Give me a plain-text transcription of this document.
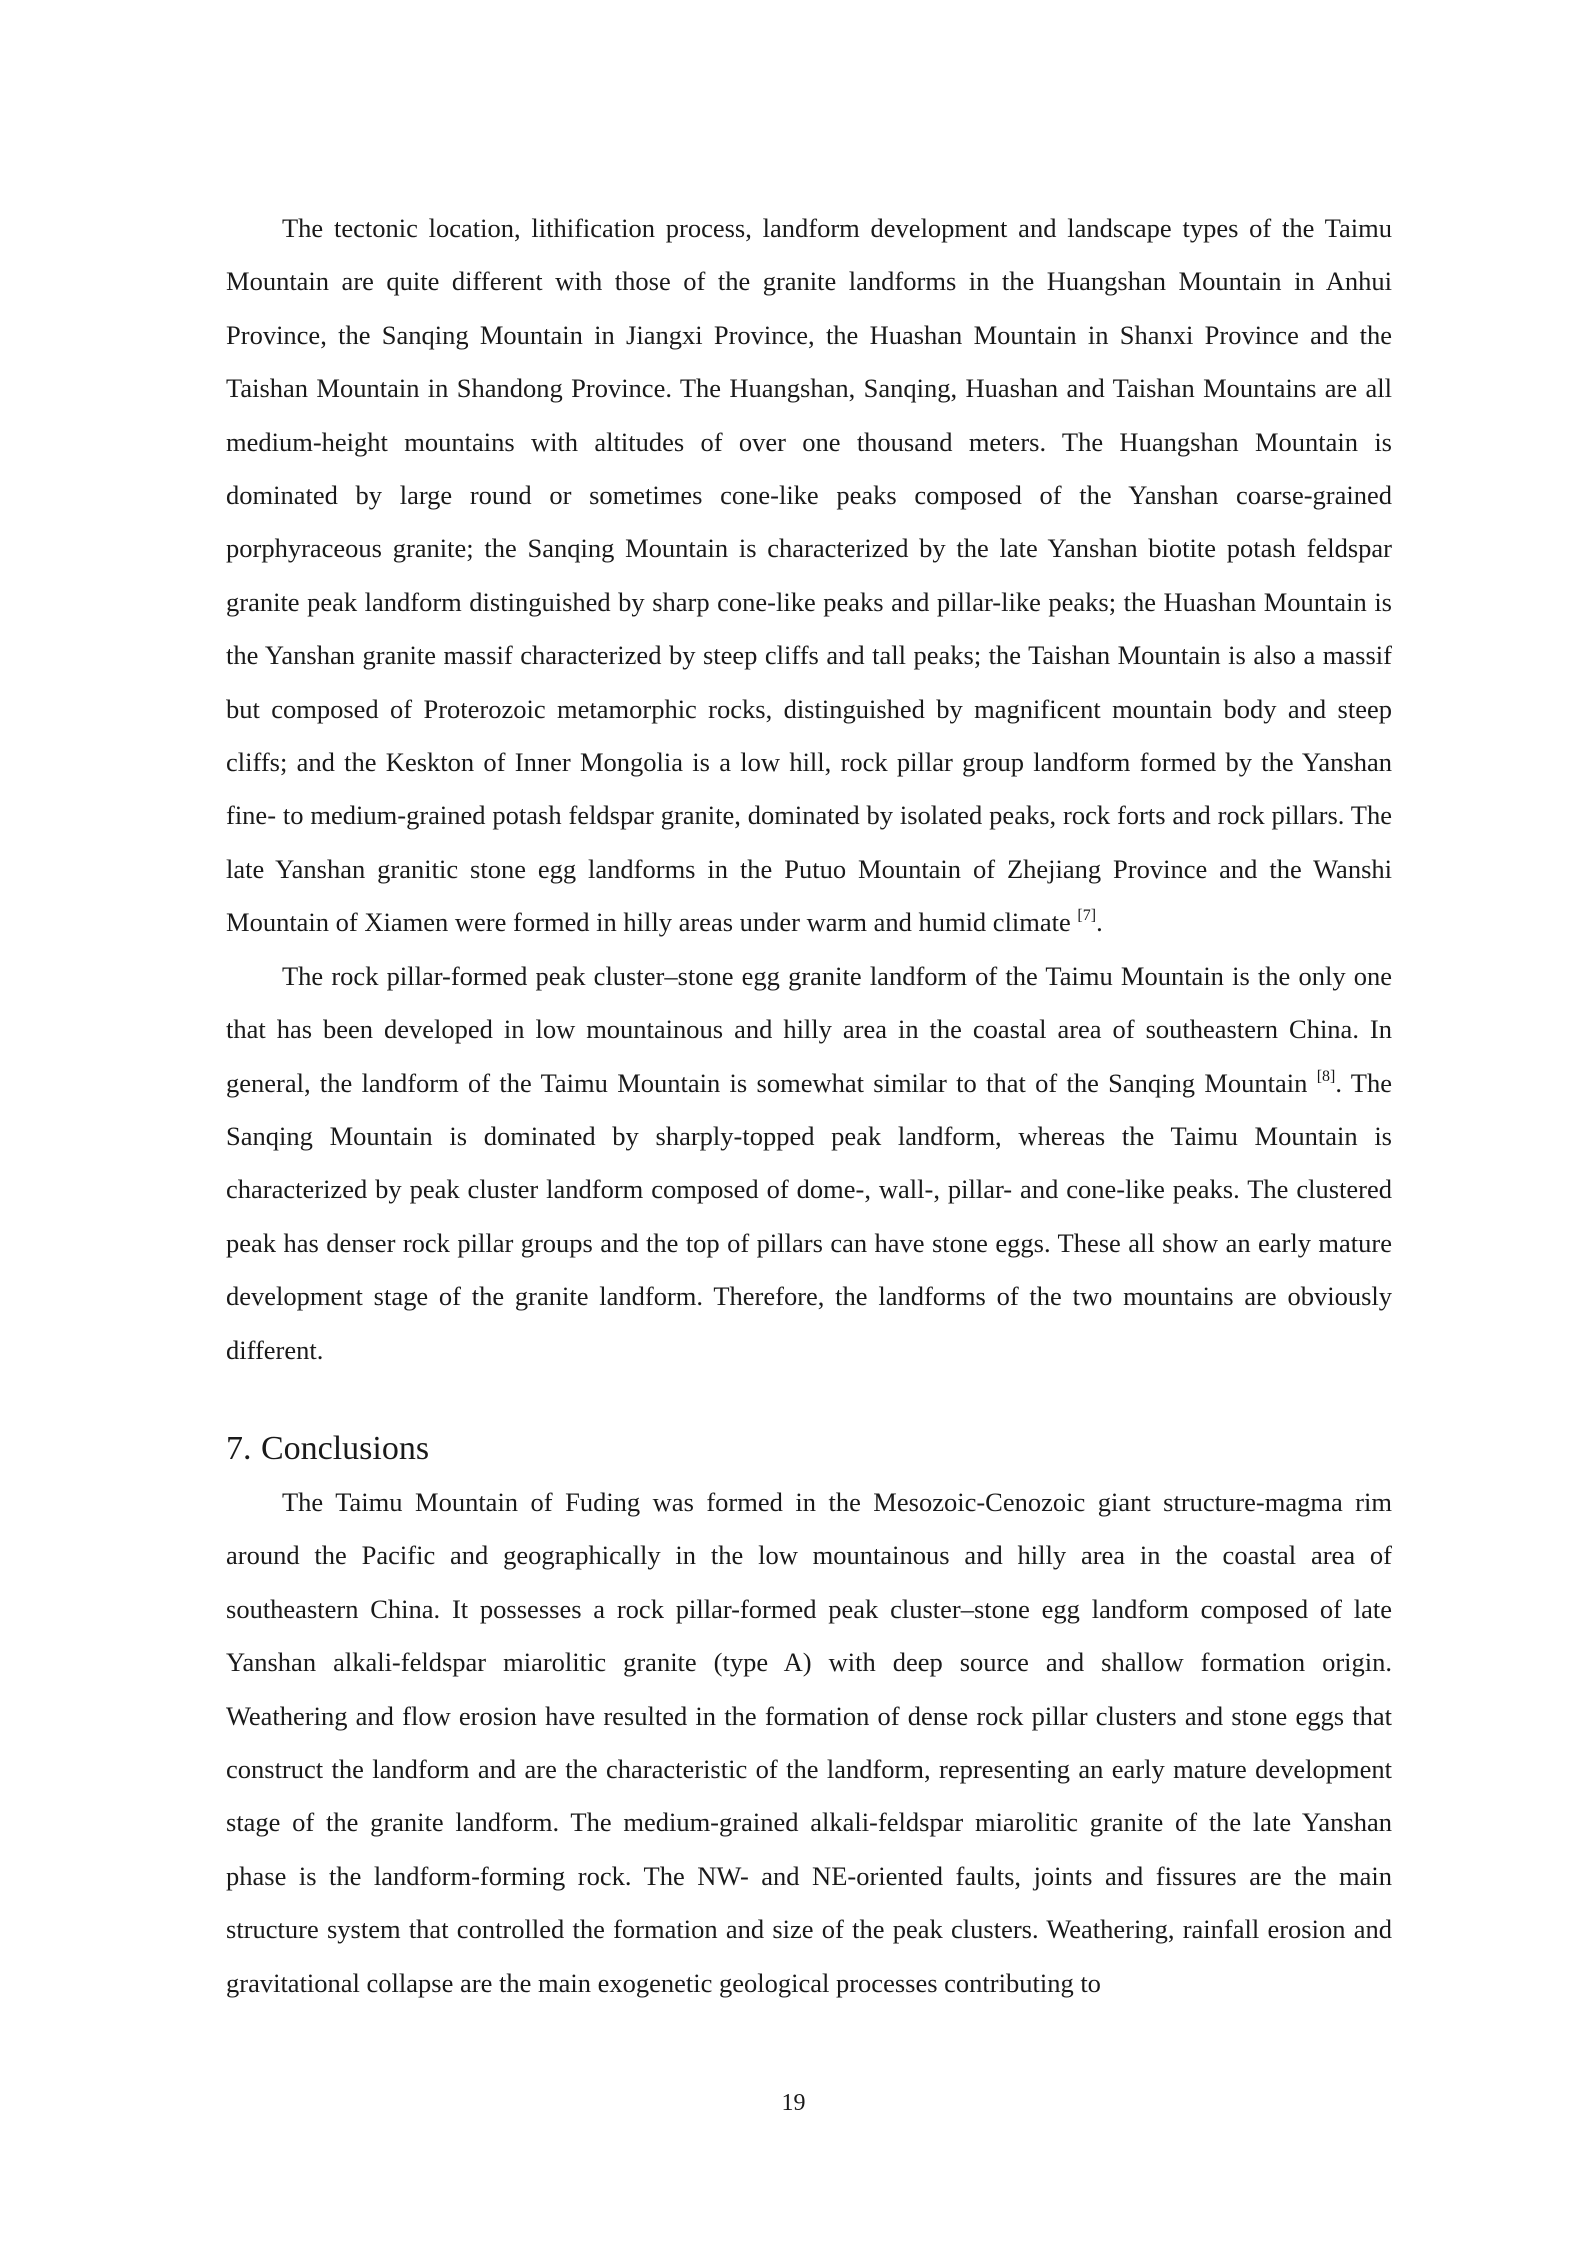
The tectonic location, lithification process, landform development and landscape types of the Taimu Mountain are quite different with those of the granite landforms in the Huangshan Mountain in Anhui Province, the Sanqing Mountain in Jiangxi Province, the Huashan Mountain in Shanxi Province and the Taishan Mountain in Shandong Province. The Huangshan, Sanqing, Huashan and Taishan Mountains are all medium-height mountains with altitudes of over one thousand meters. The Huangshan Mountain is dominated by large round or sometimes cone-like peaks composed of the Yanshan coarse-grained porphyraceous granite; the Sanqing Mountain is characterized by the late Yanshan biotite potash feldspar granite peak landform distinguished by sharp cone-like peaks and pillar-like peaks; the Huashan Mountain is the Yanshan granite massif characterized by steep cliffs and tall peaks; the Taishan Mountain is also a massif but composed of Proterozoic metamorphic rocks, distinguished by magnificent mountain body and steep cliffs; and the Keskton of Inner Mongolia is a low hill, rock pillar group landform formed by the Yanshan fine- to medium-grained potash feldspar granite, dominated by isolated peaks, rock forts and rock pillars. The late Yanshan granitic stone egg landforms in the Putuo Mountain of Zhejiang Province and the Wanshi Mountain of Xiamen were formed in hilly areas under warm and humid climate [7].

The rock pillar-formed peak cluster–stone egg granite landform of the Taimu Mountain is the only one that has been developed in low mountainous and hilly area in the coastal area of southeastern China. In general, the landform of the Taimu Mountain is somewhat similar to that of the Sanqing Mountain [8]. The Sanqing Mountain is dominated by sharply-topped peak landform, whereas the Taimu Mountain is characterized by peak cluster landform composed of dome-, wall-, pillar- and cone-like peaks. The clustered peak has denser rock pillar groups and the top of pillars can have stone eggs. These all show an early mature development stage of the granite landform. Therefore, the landforms of the two mountains are obviously different.

7. Conclusions

The Taimu Mountain of Fuding was formed in the Mesozoic-Cenozoic giant structure-magma rim around the Pacific and geographically in the low mountainous and hilly area in the coastal area of southeastern China. It possesses a rock pillar-formed peak cluster–stone egg landform composed of late Yanshan alkali-feldspar miarolitic granite (type A) with deep source and shallow formation origin. Weathering and flow erosion have resulted in the formation of dense rock pillar clusters and stone eggs that construct the landform and are the characteristic of the landform, representing an early mature development stage of the granite landform. The medium-grained alkali-feldspar miarolitic granite of the late Yanshan phase is the landform-forming rock. The NW- and NE-oriented faults, joints and fissures are the main structure system that controlled the formation and size of the peak clusters. Weathering, rainfall erosion and gravitational collapse are the main exogenetic geological processes contributing to

19
